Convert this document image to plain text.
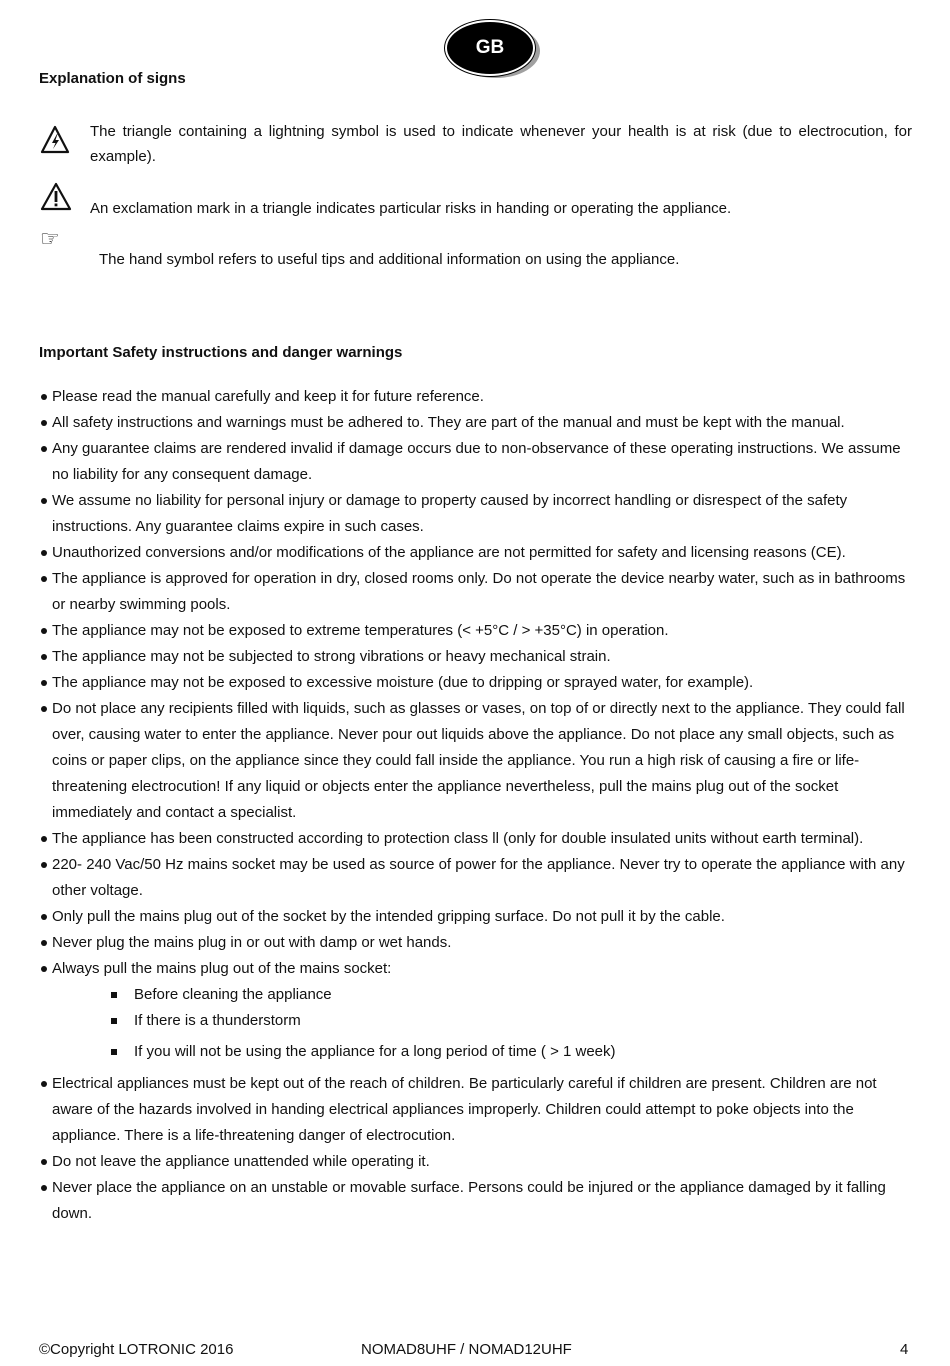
GB
Explanation of signs
The triangle containing a lightning symbol is used to indicate whenever your health is at risk (due to electrocution, for example).
An exclamation mark in a triangle indicates particular risks in handing or operating the appliance.
☞
The hand symbol refers to useful tips and additional information on using the appliance.
Important Safety instructions and danger warnings
Please read the manual carefully and keep it for future reference.
All safety instructions and warnings must be adhered to. They are part of the manual and must be kept with the manual.
Any guarantee claims are rendered invalid if damage occurs due to non-observance of these operating instructions. We assume no liability for any consequent damage.
We assume no liability for personal injury or damage to property caused by incorrect handling or disrespect of the safety instructions. Any guarantee claims expire in such cases.
Unauthorized conversions and/or modifications of the appliance are not permitted for safety and licensing reasons (CE).
The appliance is approved for operation in dry, closed rooms only. Do not operate the device nearby water, such as in bathrooms or nearby swimming pools.
The appliance may not be exposed to extreme temperatures (< +5°C / > +35°C) in operation.
The appliance may not be subjected to strong vibrations or heavy mechanical strain.
The appliance may not be exposed to excessive moisture (due to dripping or sprayed water, for example).
Do not place any recipients filled with liquids, such as glasses or vases, on top of or directly next to the appliance. They could fall over, causing water to enter the appliance. Never pour out liquids above the appliance. Do not place any small objects, such as coins or paper clips, on the appliance since they could fall inside the appliance. You run a high risk of causing a fire or life-threatening electrocution! If any liquid or objects enter the appliance nevertheless, pull the mains plug out of the socket immediately and contact a specialist.
The appliance has been constructed according to protection class ll (only for double insulated units without earth terminal).
220- 240 Vac/50 Hz mains socket may be used as source of power for the appliance. Never try to operate the appliance with any other voltage.
Only pull the mains plug out of the socket by the intended gripping surface. Do not pull it by the cable.
Never plug the mains plug in or out with damp or wet hands.
Always pull the mains plug out of the mains socket:
Before cleaning the appliance
If there is a thunderstorm
If you will not be using the appliance for a long period of time ( > 1 week)
Electrical appliances must be kept out of the reach of children. Be particularly careful if children are present. Children are not aware of the hazards involved in handing electrical appliances improperly. Children could attempt to poke objects into the appliance. There is a life-threatening danger of electrocution.
Do not leave the appliance unattended while operating it.
Never place the appliance on an unstable or movable surface. Persons could be injured or the appliance damaged by it falling down.
©Copyright LOTRONIC 2016	NOMAD8UHF / NOMAD12UHF	4
